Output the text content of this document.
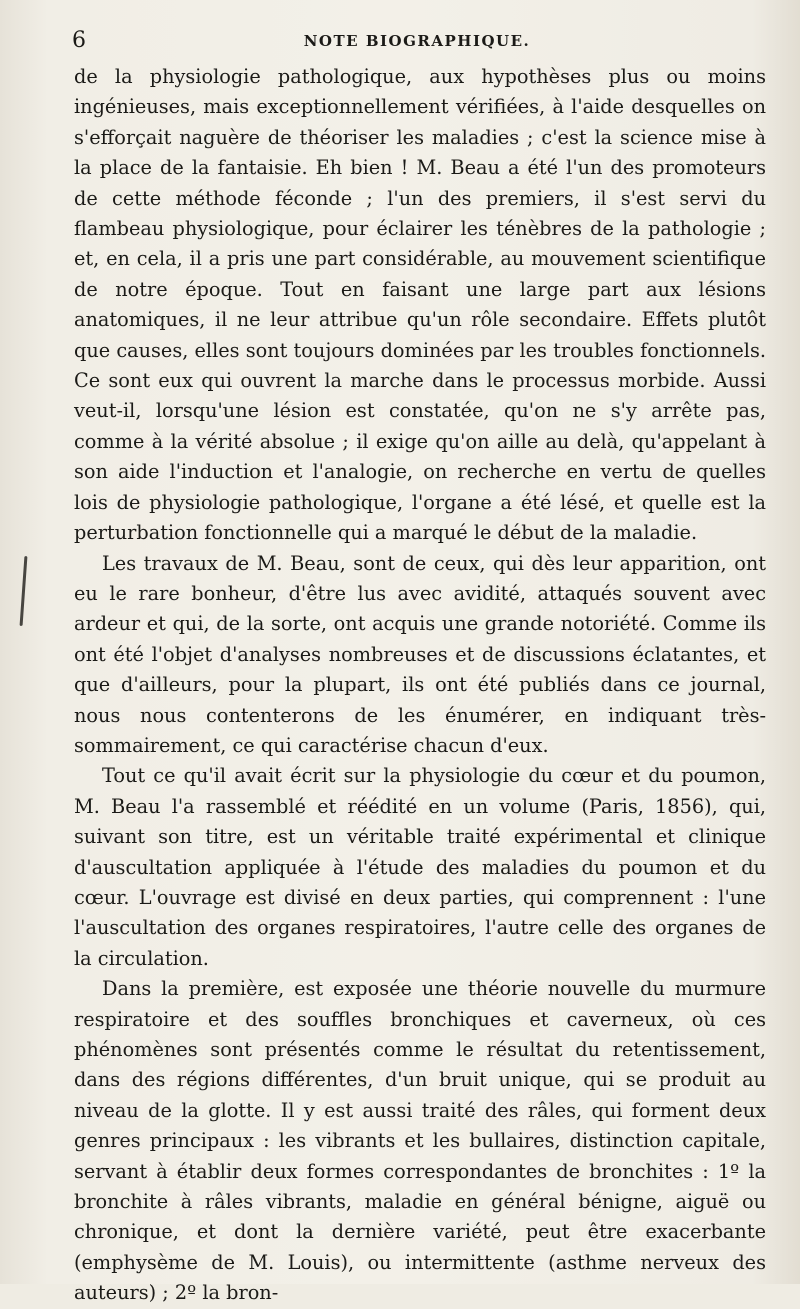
6	NOTE BIOGRAPHIQUE.

de la physiologie pathologique, aux hypothèses plus ou moins ingénieuses, mais exceptionnellement vérifiées, à l'aide desquelles on s'efforçait naguère de théoriser les maladies ; c'est la science mise à la place de la fantaisie. Eh bien ! M. Beau a été l'un des promoteurs de cette méthode féconde ; l'un des premiers, il s'est servi du flambeau physiologique, pour éclairer les ténèbres de la pathologie ; et, en cela, il a pris une part considérable, au mouvement scientifique de notre époque. Tout en faisant une large part aux lésions anatomiques, il ne leur attribue qu'un rôle secondaire. Effets plutôt que causes, elles sont toujours dominées par les troubles fonctionnels. Ce sont eux qui ouvrent la marche dans le processus morbide. Aussi veut-il, lorsqu'une lésion est constatée, qu'on ne s'y arrête pas, comme à la vérité absolue ; il exige qu'on aille au delà, qu'appelant à son aide l'induction et l'analogie, on recherche en vertu de quelles lois de physiologie pathologique, l'organe a été lésé, et quelle est la perturbation fonctionnelle qui a marqué le début de la maladie.

Les travaux de M. Beau, sont de ceux, qui dès leur apparition, ont eu le rare bonheur, d'être lus avec avidité, attaqués souvent avec ardeur et qui, de la sorte, ont acquis une grande notoriété. Comme ils ont été l'objet d'analyses nombreuses et de discussions éclatantes, et que d'ailleurs, pour la plupart, ils ont été publiés dans ce journal, nous nous contenterons de les énumérer, en indiquant très-sommairement, ce qui caractérise chacun d'eux.

Tout ce qu'il avait écrit sur la physiologie du cœur et du poumon, M. Beau l'a rassemblé et réédité en un volume (Paris, 1856), qui, suivant son titre, est un véritable traité expérimental et clinique d'auscultation appliquée à l'étude des maladies du poumon et du cœur. L'ouvrage est divisé en deux parties, qui comprennent : l'une l'auscultation des organes respiratoires, l'autre celle des organes de la circulation.

Dans la première, est exposée une théorie nouvelle du murmure respiratoire et des souffles bronchiques et caverneux, où ces phénomènes sont présentés comme le résultat du retentissement, dans des régions différentes, d'un bruit unique, qui se produit au niveau de la glotte. Il y est aussi traité des râles, qui forment deux genres principaux : les vibrants et les bullaires, distinction capitale, servant à établir deux formes correspondantes de bronchites : 1º la bronchite à râles vibrants, maladie en général bénigne, aiguë ou chronique, et dont la dernière variété, peut être exacerbante (emphysème de M. Louis), ou intermittente (asthme nerveux des auteurs) ; 2º la bron-
